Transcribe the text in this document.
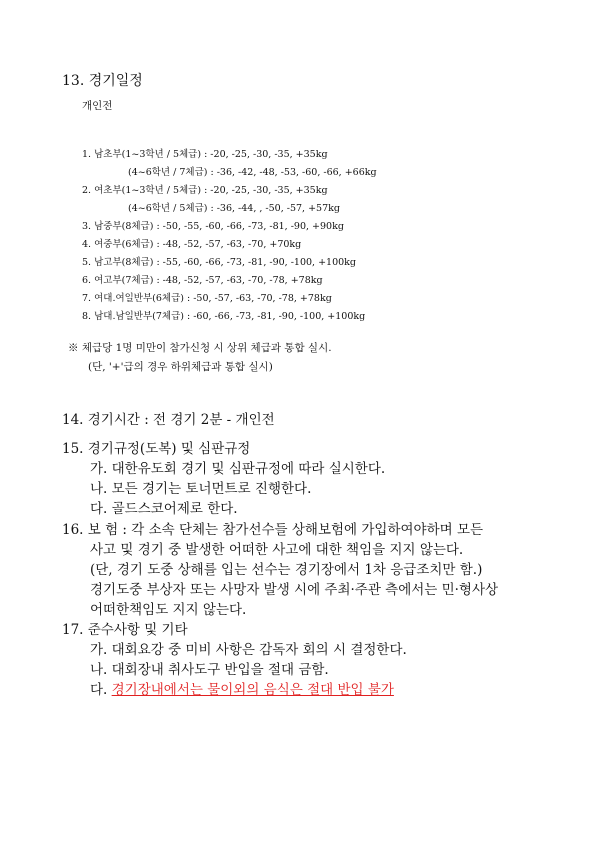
13. 경기일정
개인전
1. 남초부(1~3학년 / 5체급) : -20, -25, -30, -35, +35kg
(4~6학년 / 7체급) : -36, -42, -48, -53, -60, -66, +66kg
2. 여초부(1~3학년 / 5체급) : -20, -25, -30, -35, +35kg
(4~6학년 / 5체급) : -36, -44, , -50, -57, +57kg
3. 남중부(8체급) : -50, -55, -60, -66, -73, -81, -90, +90kg
4. 여중부(6체급) : -48, -52, -57, -63, -70, +70kg
5. 남고부(8체급) : -55, -60, -66, -73, -81, -90, -100, +100kg
6. 여고부(7체급) : -48, -52, -57, -63, -70, -78, +78kg
7. 여대.여일반부(6체급) : -50, -57, -63, -70, -78, +78kg
8. 남대.남일반부(7체급) : -60, -66, -73, -81, -90, -100, +100kg
※ 체급당 1명 미만이 참가신청 시 상위 체급과 통합 실시.
(단, '+'급의 경우 하위체급과 통합 실시)
14. 경기시간 : 전 경기 2분 - 개인전
15. 경기규정(도복) 및 심판규정
가. 대한유도회 경기 및 심판규정에 따라 실시한다.
나. 모든 경기는 토너먼트로 진행한다.
다. 골드스코어제로 한다.
16. 보 험 : 각 소속 단체는 참가선수들 상해보험에 가입하여야하며 모든
사고 및 경기 중 발생한 어떠한 사고에 대한 책임을 지지 않는다.
(단, 경기 도중 상해를 입는 선수는 경기장에서 1차 응급조치만 함.)
경기도중 부상자 또는 사망자 발생 시에 주최·주관 측에서는 민·형사상
어떠한책임도 지지 않는다.
17. 준수사항 및 기타
가. 대회요강 중 미비 사항은 감독자 회의 시 결정한다.
나. 대회장내 취사도구 반입을 절대 금함.
다. 경기장내에서는 물이외의 음식은 절대 반입 불가
